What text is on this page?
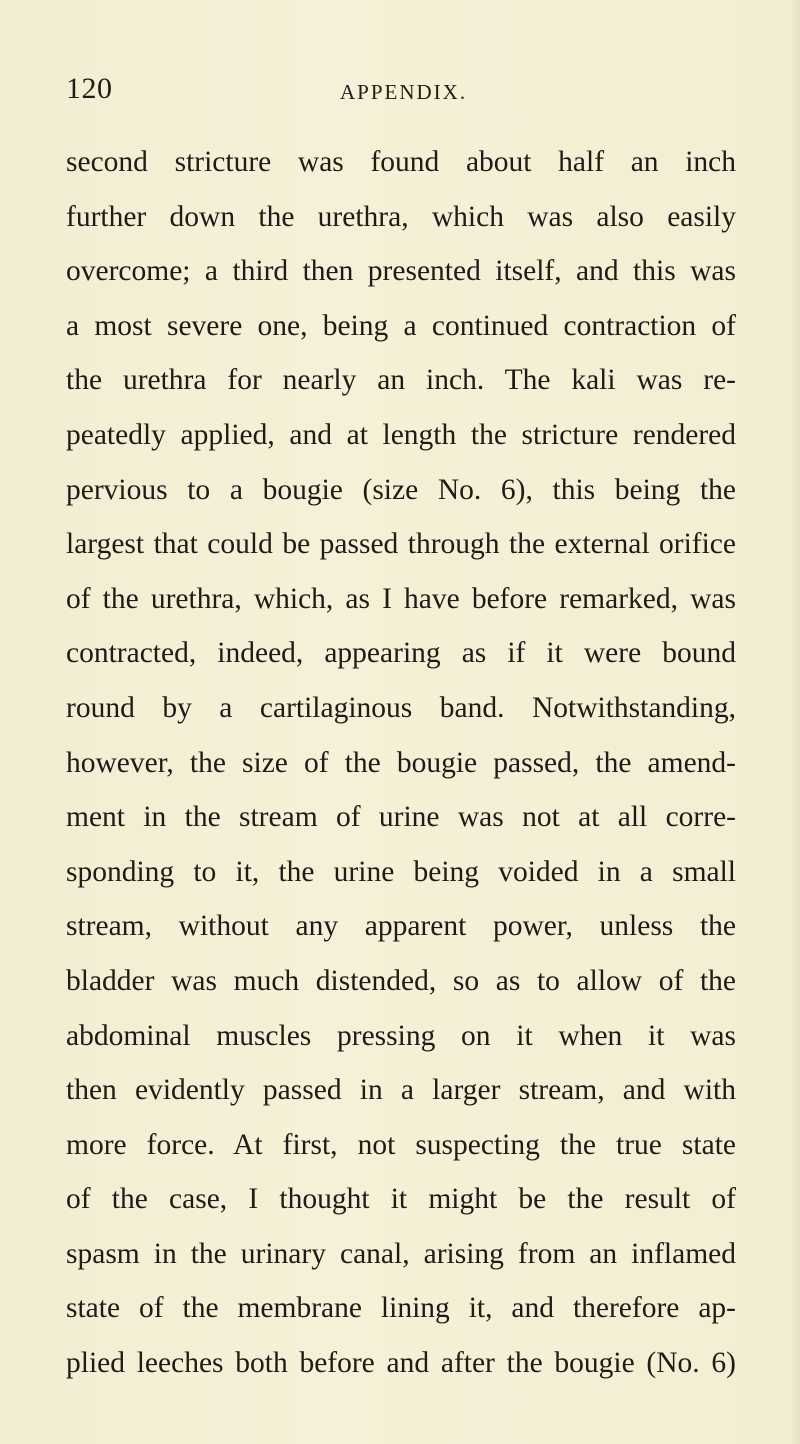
120	APPENDIX.
second stricture was found about half an inch
further down the urethra, which was also easily
overcome; a third then presented itself, and this was
a most severe one, being a continued contraction of
the urethra for nearly an inch. The kali was re-
peatedly applied, and at length the stricture rendered
pervious to a bougie (size No. 6), this being the
largest that could be passed through the external orifice
of the urethra, which, as I have before remarked, was
contracted, indeed, appearing as if it were bound
round by a cartilaginous band. Notwithstanding,
however, the size of the bougie passed, the amend-
ment in the stream of urine was not at all corre-
sponding to it, the urine being voided in a small
stream, without any apparent power, unless the
bladder was much distended, so as to allow of the
abdominal muscles pressing on it when it was
then evidently passed in a larger stream, and with
more force. At first, not suspecting the true state
of the case, I thought it might be the result of
spasm in the urinary canal, arising from an inflamed
state of the membrane lining it, and therefore ap-
plied leeches both before and after the bougie (No. 6)
